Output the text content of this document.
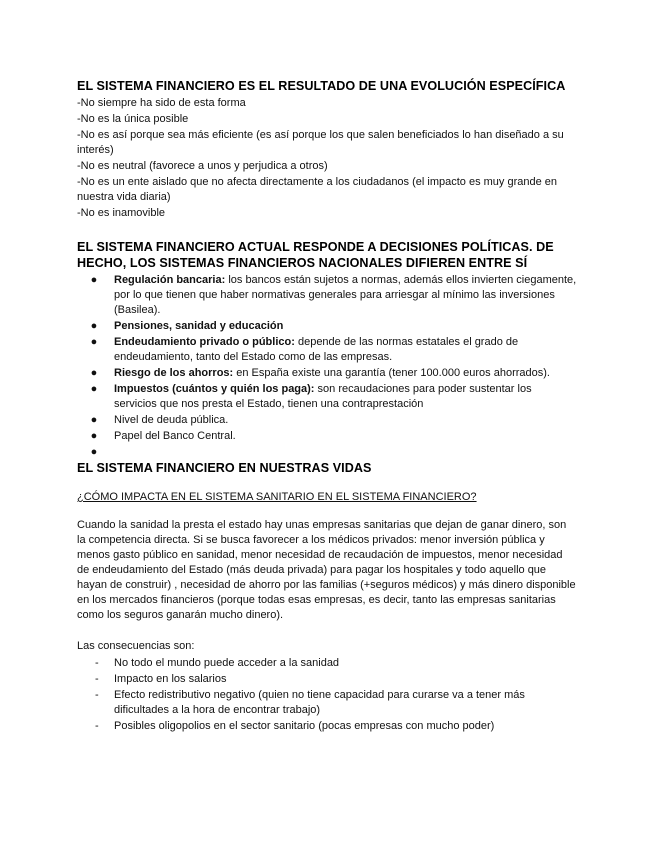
EL SISTEMA FINANCIERO ES EL RESULTADO DE UNA EVOLUCIÓN ESPECÍFICA
-No siempre ha sido de esta forma
-No es la única posible
-No es así porque sea más eficiente (es así porque los que salen beneficiados lo han diseñado a su interés)
-No es neutral (favorece a unos y perjudica a otros)
-No es un ente aislado que no afecta directamente a los ciudadanos (el impacto es muy grande en nuestra vida diaria)
-No es inamovible
EL SISTEMA FINANCIERO ACTUAL RESPONDE A DECISIONES POLÍTICAS. DE HECHO, LOS SISTEMAS FINANCIEROS NACIONALES DIFIEREN ENTRE SÍ
● Regulación bancaria: los bancos están sujetos a normas, además ellos invierten ciegamente, por lo que tienen que haber normativas generales para arriesgar al mínimo las inversiones (Basilea).
● Pensiones, sanidad y educación
● Endeudamiento privado o público: depende de las normas estatales el grado de endeudamiento, tanto del Estado como de las empresas.
● Riesgo de los ahorros: en España existe una garantía (tener 100.000 euros ahorrados).
● Impuestos (cuántos y quién los paga): son recaudaciones para poder sustentar los servicios que nos presta el Estado, tienen una contraprestación
● Nivel de deuda pública.
● Papel del Banco Central.
●
EL SISTEMA FINANCIERO EN NUESTRAS VIDAS
¿CÓMO IMPACTA EN EL SISTEMA SANITARIO EN EL SISTEMA FINANCIERO?

Cuando la sanidad la presta el estado hay unas empresas sanitarias que dejan de ganar dinero, son la competencia directa. Si se busca favorecer a los médicos privados: menor inversión pública y menos gasto público en sanidad, menor necesidad de recaudación de impuestos, menor necesidad de endeudamiento del Estado (más deuda privada) para pagar los hospitales y todo aquello que hayan de construir) , necesidad de ahorro por las familias (+seguros médicos) y más dinero disponible en los mercados financieros (porque todas esas empresas, es decir, tanto las empresas sanitarias como los seguros ganarán mucho dinero).

Las consecuencias son:
- No todo el mundo puede acceder a la sanidad
- Impacto en los salarios
- Efecto redistributivo negativo (quien no tiene capacidad para curarse va a tener más dificultades a la hora de encontrar trabajo)
- Posibles oligopolios en el sector sanitario (pocas empresas con mucho poder)
